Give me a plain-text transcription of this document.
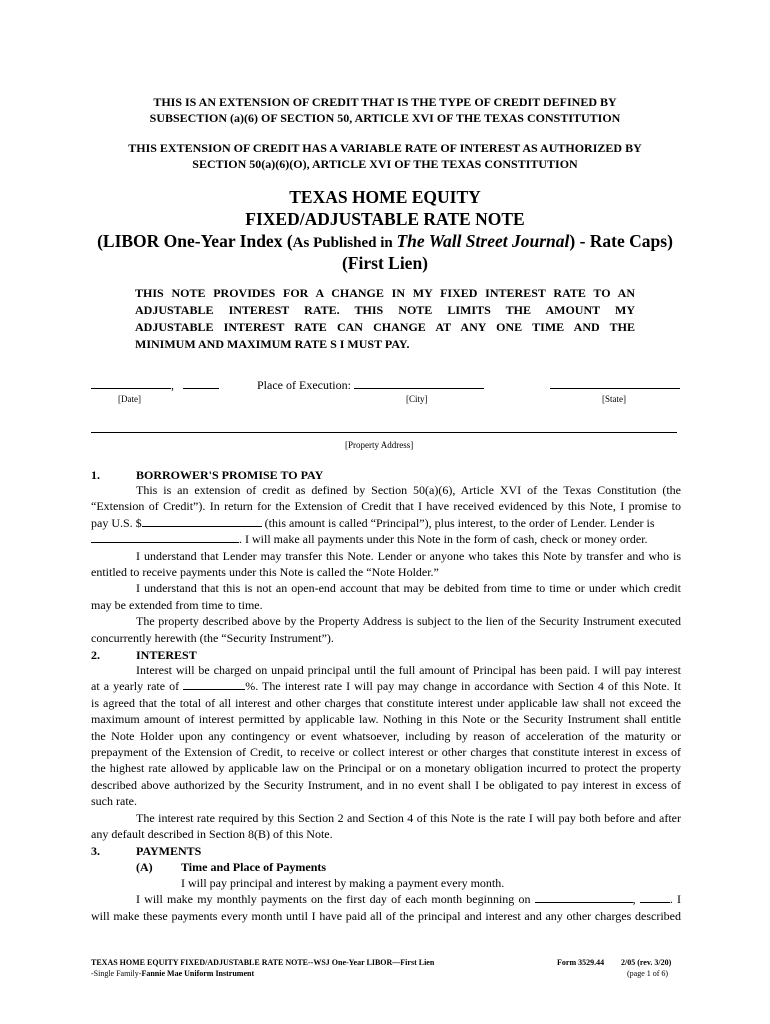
THIS IS AN EXTENSION OF CREDIT THAT IS THE TYPE OF CREDIT DEFINED BY
SUBSECTION (a)(6) OF SECTION 50, ARTICLE XVI OF THE TEXAS CONSTITUTION
THIS EXTENSION OF CREDIT HAS A VARIABLE RATE OF INTEREST AS AUTHORIZED BY
SECTION 50(a)(6)(O), ARTICLE XVI OF THE TEXAS CONSTITUTION
TEXAS HOME EQUITY
FIXED/ADJUSTABLE RATE NOTE
(LIBOR One-Year Index (As Published in The Wall Street Journal) - Rate Caps)
(First Lien)
THIS NOTE PROVIDES FOR A CHANGE IN MY FIXED INTEREST RATE TO AN
ADJUSTABLE INTEREST RATE. THIS NOTE LIMITS THE AMOUNT MY
ADJUSTABLE INTEREST RATE CAN CHANGE AT ANY ONE TIME AND THE
MINIMUM AND MAXIMUM RATE S I MUST PAY.
,	Place of Execution:
[Date]	[City]	[State]
[Property Address]
1.	BORROWER'S PROMISE TO PAY
This is an extension of credit as defined by Section 50(a)(6), Article XVI of the Texas Constitution (the
“Extension of Credit”). In return for the Extension of Credit that I have received evidenced by this Note, I promise to
pay U.S. $	(this amount is called “Principal”), plus interest, to the order of Lender. Lender is
. I will make all payments under this Note in the form of cash, check or money order.
I understand that Lender may transfer this Note. Lender or anyone who takes this Note by transfer and who is
entitled to receive payments under this Note is called the “Note Holder.”
I understand that this is not an open-end account that may be debited from time to time or under which credit
may be extended from time to time.
The property described above by the Property Address is subject to the lien of the Security Instrument executed
concurrently herewith (the “Security Instrument”).
2.	INTEREST
Interest will be charged on unpaid principal until the full amount of Principal has been paid. I will pay interest
at a yearly rate of	%. The interest rate I will pay may change in accordance with Section 4 of this Note. It
is agreed that the total of all interest and other charges that constitute interest under applicable law shall not exceed the
maximum amount of interest permitted by applicable law. Nothing in this Note or the Security Instrument shall entitle
the Note Holder upon any contingency or event whatsoever, including by reason of acceleration of the maturity or
prepayment of the Extension of Credit, to receive or collect interest or other charges that constitute interest in excess of
the highest rate allowed by applicable law on the Principal or on a monetary obligation incurred to protect the property
described above authorized by the Security Instrument, and in no event shall I be obligated to pay interest in excess of
such rate.
The interest rate required by this Section 2 and Section 4 of this Note is the rate I will pay both before and after
any default described in Section 8(B) of this Note.
3.	PAYMENTS
(A) Time and Place of Payments
I will pay principal and interest by making a payment every month.
I will make my monthly payments on the first day of each month beginning on	,	. I
will make these payments every month until I have paid all of the principal and interest and any other charges described
TEXAS HOME EQUITY FIXED/ADJUSTABLE RATE NOTE--WSJ One-Year LIBOR—First Lien
-Single Family-Fannie Mae Uniform Instrument
Form 3529.44 2/05 (rev. 3/20)
(page 1 of 6)
